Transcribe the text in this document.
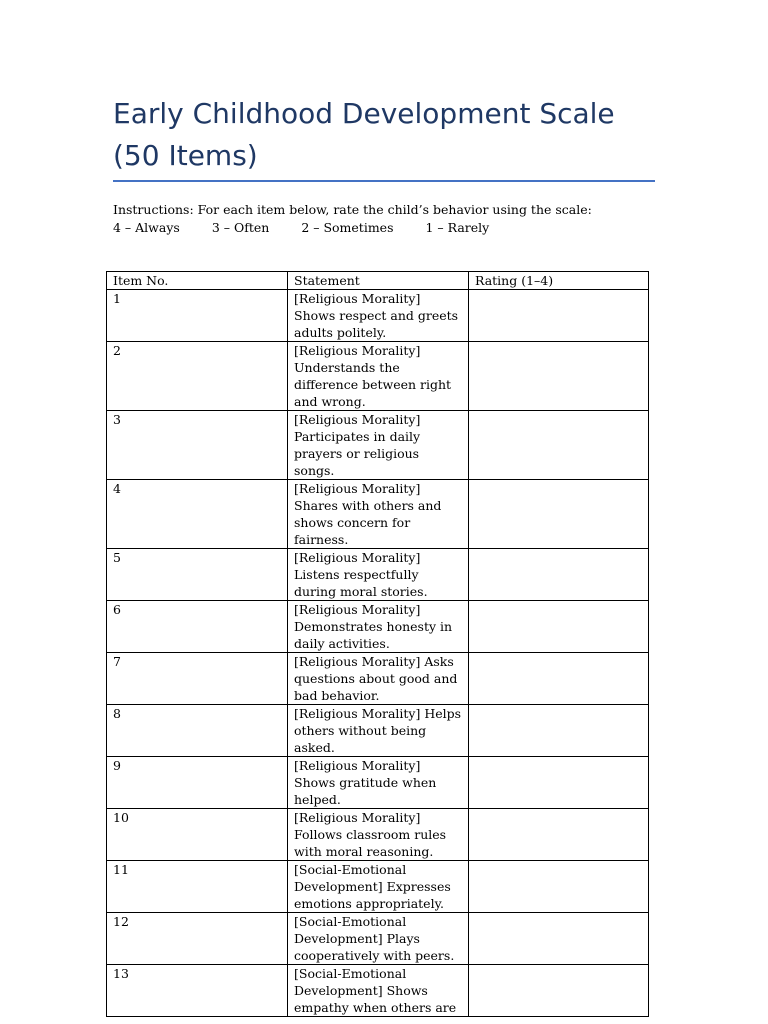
Early Childhood Development Scale (50 Items)
Instructions: For each item below, rate the child’s behavior using the scale:
4 – Always	3 – Often	2 – Sometimes	1 – Rarely
Item No.	Statement	Rating (1–4)
1	[Religious Morality] Shows respect and greets adults politely.	
2	[Religious Morality] Understands the difference between right and wrong.	
3	[Religious Morality] Participates in daily prayers or religious songs.	
4	[Religious Morality] Shares with others and shows concern for fairness.	
5	[Religious Morality] Listens respectfully during moral stories.	
6	[Religious Morality] Demonstrates honesty in daily activities.	
7	[Religious Morality] Asks questions about good and bad behavior.	
8	[Religious Morality] Helps others without being asked.	
9	[Religious Morality] Shows gratitude when helped.	
10	[Religious Morality] Follows classroom rules with moral reasoning.	
11	[Social-Emotional Development] Expresses emotions appropriately.	
12	[Social-Emotional Development] Plays cooperatively with peers.	
13	[Social-Emotional Development] Shows empathy when others are	
